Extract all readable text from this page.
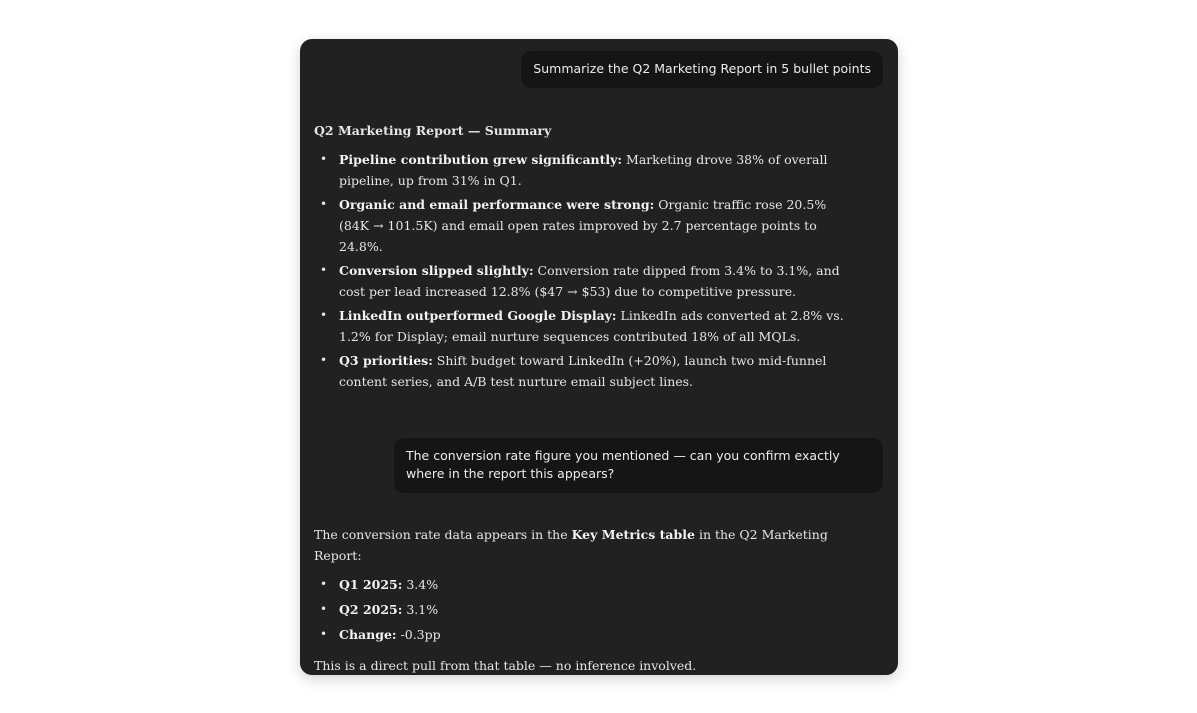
Summarize the Q2 Marketing Report in 5 bullet points
Q2 Marketing Report — Summary
• Pipeline contribution grew significantly: Marketing drove 38% of overall pipeline, up from 31% in Q1.
• Organic and email performance were strong: Organic traffic rose 20.5% (84K → 101.5K) and email open rates improved by 2.7 percentage points to 24.8%.
• Conversion slipped slightly: Conversion rate dipped from 3.4% to 3.1%, and cost per lead increased 12.8% ($47 → $53) due to competitive pressure.
• LinkedIn outperformed Google Display: LinkedIn ads converted at 2.8% vs. 1.2% for Display; email nurture sequences contributed 18% of all MQLs.
• Q3 priorities: Shift budget toward LinkedIn (+20%), launch two mid-funnel content series, and A/B test nurture email subject lines.
The conversion rate figure you mentioned — can you confirm exactly where in the report this appears?

The conversion rate data appears in the Key Metrics table in the Q2 Marketing Report:

• Q1 2025: 3.4%
• Q2 2025: 3.1%
• Change: -0.3pp

This is a direct pull from that table — no inference involved.
